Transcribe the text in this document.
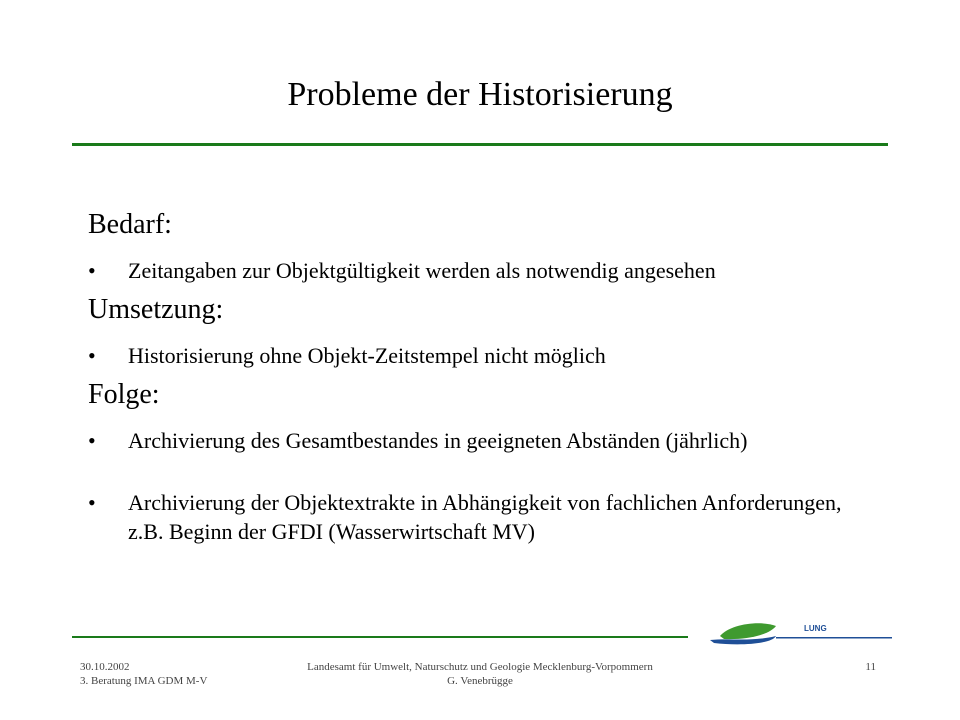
Probleme der Historisierung

Bedarf:

• Zeitangaben zur Objektgültigkeit werden als notwendig angesehen

Umsetzung:

• Historisierung ohne Objekt-Zeitstempel nicht möglich

Folge:

• Archivierung des Gesamtbestandes in geeigneten Abständen (jährlich)
• Archivierung der Objektextrakte in Abhängigkeit von fachlichen Anforderungen, z.B. Beginn der GFDI (Wasserwirtschaft MV)
LUNG
30.10.2002
3. Beratung IMA GDM M-V
Landesamt für Umwelt, Naturschutz und Geologie Mecklenburg-Vorpommern
G. Venebrügge
11
